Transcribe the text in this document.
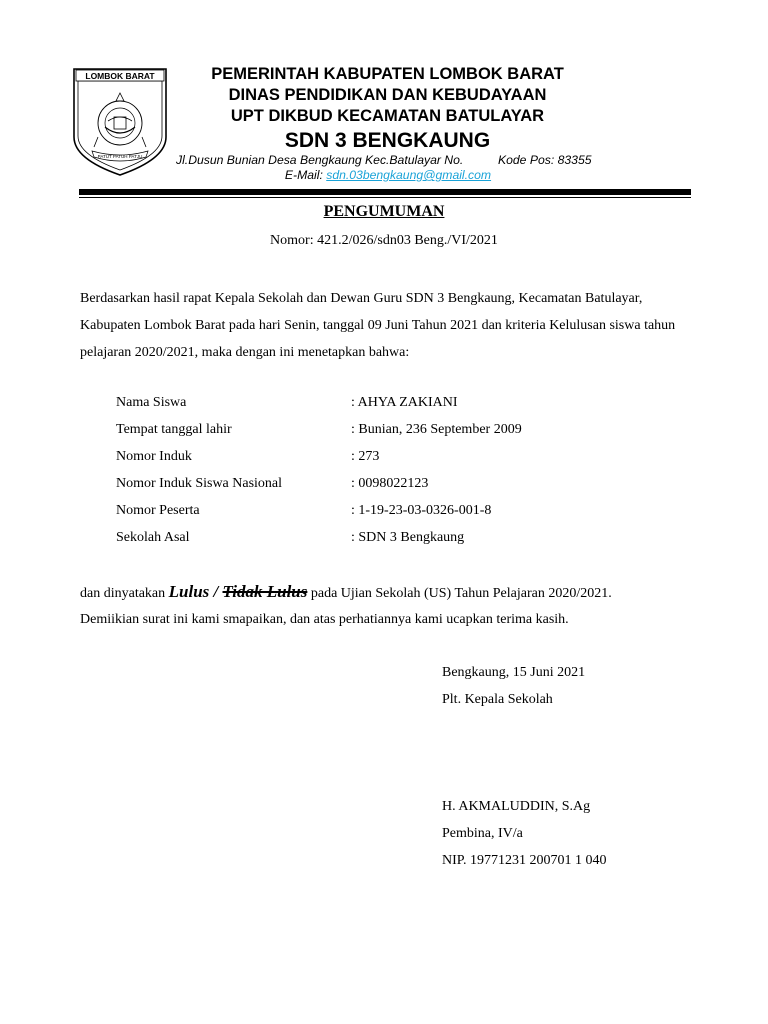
LOMBOK BARAT
PATUT PATUH PATJU
PEMERINTAH KABUPATEN LOMBOK BARAT
DINAS PENDIDIKAN DAN KEBUDAYAAN
UPT DIKBUD KECAMATAN BATULAYAR
SDN 3 BENGKAUNG
Jl.Dusun Bunian Desa Bengkaung Kec.Batulayar No.	Kode Pos: 83355
E-Mail: sdn.03bengkaung@gmail.com
PENGUMUMAN
Nomor: 421.2/026/sdn03 Beng./VI/2021

Berdasarkan hasil rapat Kepala Sekolah dan Dewan Guru SDN 3 Bengkaung, Kecamatan Batulayar, Kabupaten Lombok Barat pada hari Senin, tanggal 09 Juni Tahun 2021 dan kriteria Kelulusan siswa tahun pelajaran 2020/2021, maka dengan ini menetapkan bahwa:

Nama Siswa	: AHYA ZAKIANI
Tempat tanggal lahir	: Bunian, 236 September 2009
Nomor Induk	: 273
Nomor Induk Siswa Nasional	: 0098022123
Nomor Peserta	: 1-19-23-03-0326-001-8
Sekolah Asal	: SDN 3 Bengkaung
dan dinyatakan Lulus / Tidak Lulus pada Ujian Sekolah (US) Tahun Pelajaran 2020/2021.
Demiikian surat ini kami smapaikan, dan atas perhatiannya kami ucapkan terima kasih.
Bengkaung, 15 Juni 2021
Plt. Kepala Sekolah
H. AKMALUDDIN, S.Ag
Pembina, IV/a
NIP. 19771231 200701 1 040
